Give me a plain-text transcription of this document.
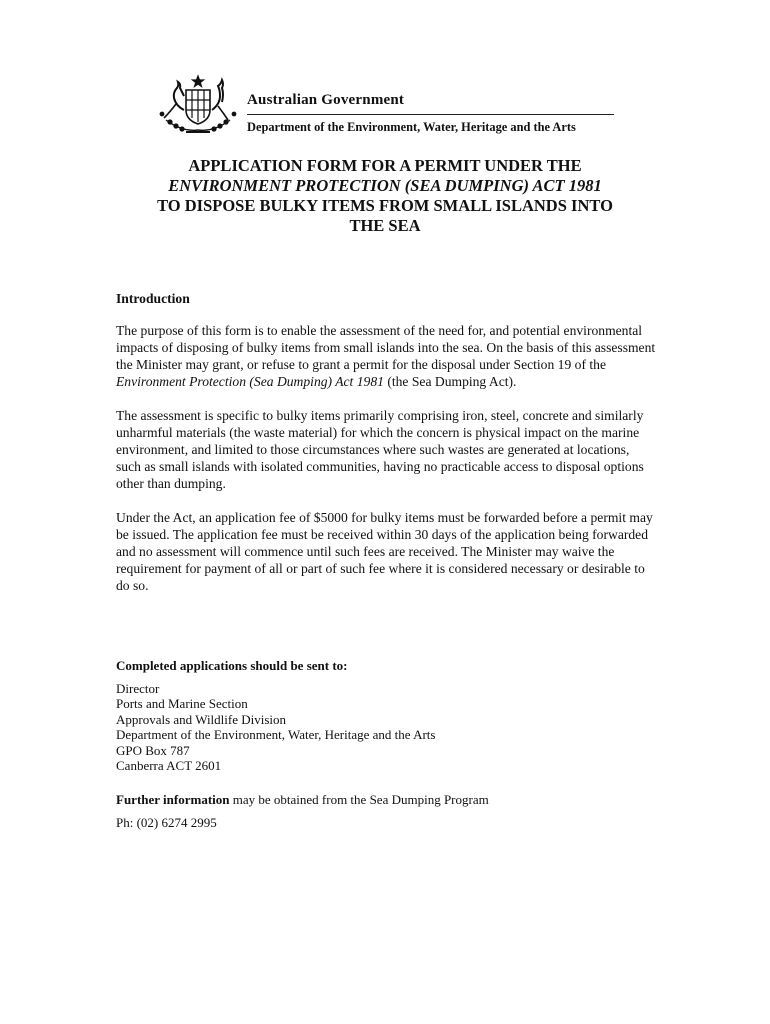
Australian Government
Department of the Environment, Water, Heritage and the Arts
APPLICATION FORM FOR A PERMIT UNDER THE
ENVIRONMENT PROTECTION (SEA DUMPING) ACT 1981
TO DISPOSE BULKY ITEMS FROM SMALL ISLANDS INTO
THE SEA
Introduction

The purpose of this form is to enable the assessment of the need for, and potential environmental impacts of disposing of bulky items from small islands into the sea. On the basis of this assessment the Minister may grant, or refuse to grant a permit for the disposal under Section 19 of the Environment Protection (Sea Dumping) Act 1981 (the Sea Dumping Act).

The assessment is specific to bulky items primarily comprising iron, steel, concrete and similarly unharmful materials (the waste material) for which the concern is physical impact on the marine environment, and limited to those circumstances where such wastes are generated at locations, such as small islands with isolated communities, having no practicable access to disposal options other than dumping.

Under the Act, an application fee of $5000 for bulky items must be forwarded before a permit may be issued. The application fee must be received within 30 days of the application being forwarded and no assessment will commence until such fees are received. The Minister may waive the requirement for payment of all or part of such fee where it is considered necessary or desirable to do so.

Completed applications should be sent to:
Director
Ports and Marine Section
Approvals and Wildlife Division
Department of the Environment, Water, Heritage and the Arts
GPO Box 787
Canberra ACT 2601

Further information may be obtained from the Sea Dumping Program

Ph: (02) 6274 2995
